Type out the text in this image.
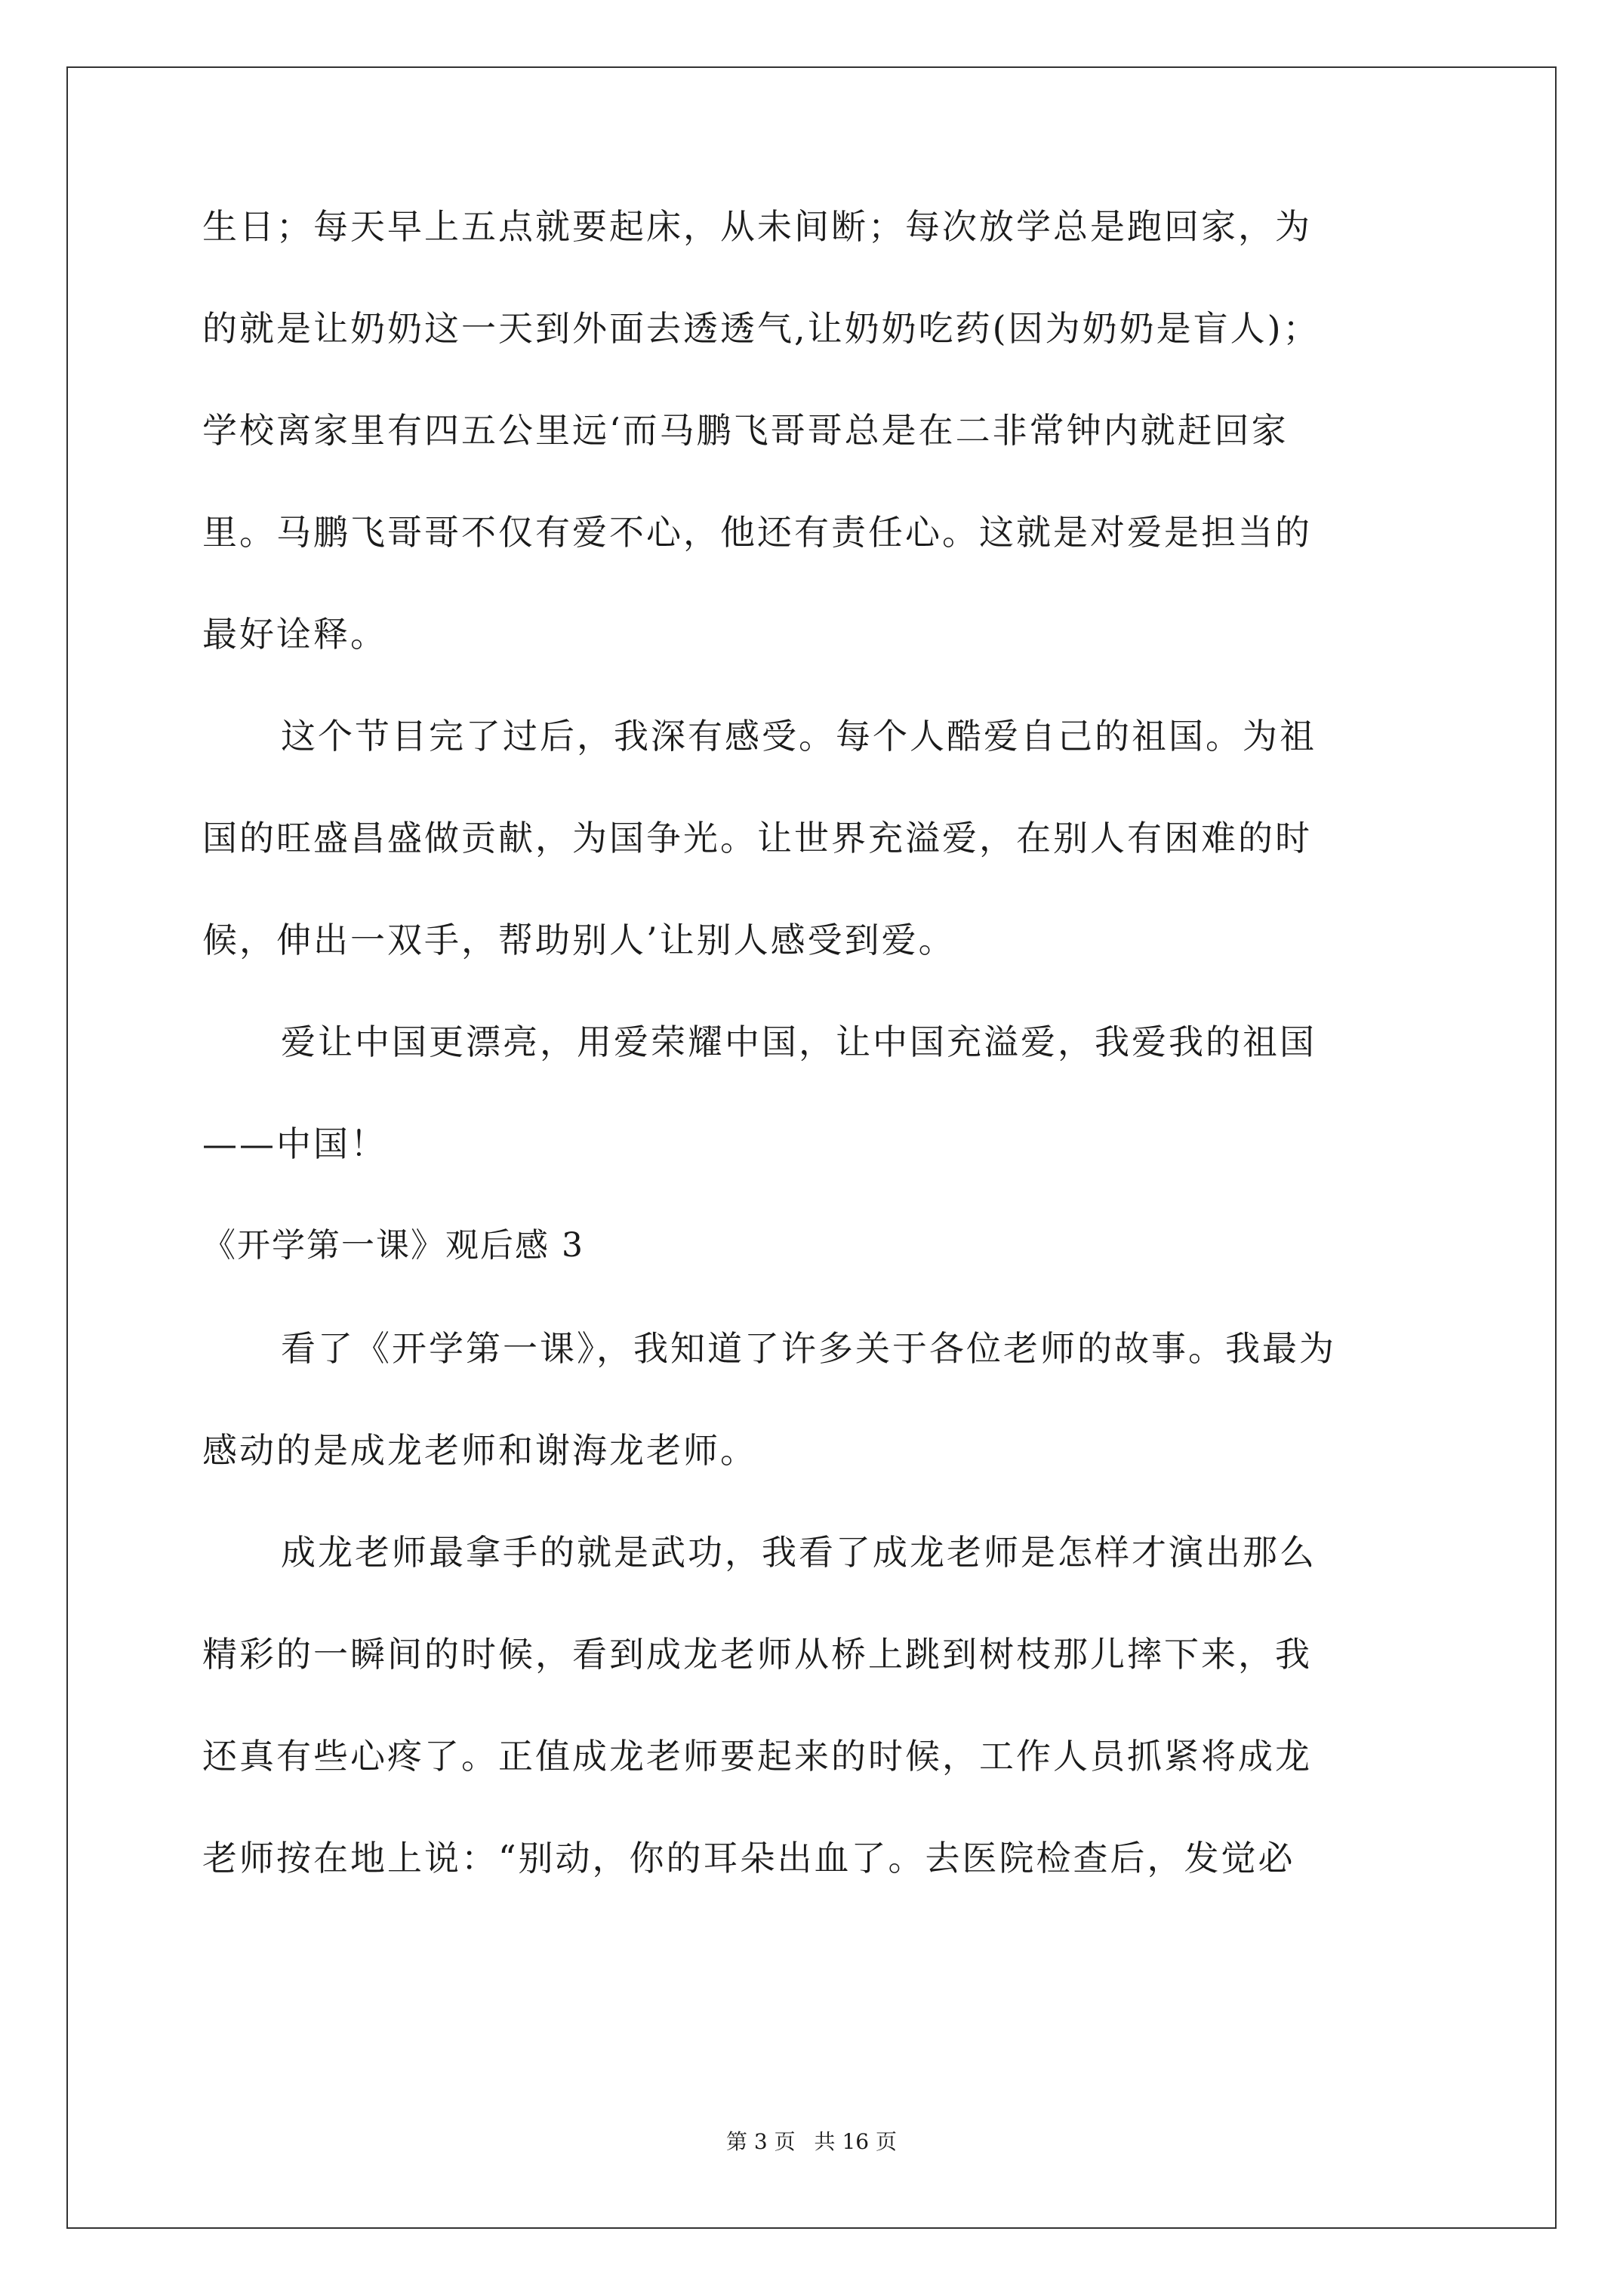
生日；每天早上五点就要起床，从未间断；每次放学总是跑回家，为
的就是让奶奶这一天到外面去透透气,让奶奶吃药(因为奶奶是盲人)；
学校离家里有四五公里远‘而马鹏飞哥哥总是在二非常钟内就赶回家
里。马鹏飞哥哥不仅有爱不心，他还有责任心。这就是对爱是担当的
最好诠释。
这个节目完了过后，我深有感受。每个人酷爱自己的祖国。为祖
国的旺盛昌盛做贡献，为国争光。让世界充溢爱，在别人有困难的时
候，伸出一双手，帮助别人’让别人感受到爱。
爱让中国更漂亮，用爱荣耀中国，让中国充溢爱，我爱我的祖国
——中国！
《开学第一课》观后感 3
看了《开学第一课》，我知道了许多关于各位老师的故事。我最为
感动的是成龙老师和谢海龙老师。
成龙老师最拿手的就是武功，我看了成龙老师是怎样才演出那么
精彩的一瞬间的时候，看到成龙老师从桥上跳到树枝那儿摔下来，我
还真有些心疼了。正值成龙老师要起来的时候，工作人员抓紧将成龙
老师按在地上说：“别动，你的耳朵出血了。去医院检查后，发觉必
第 3 页 共 16 页
